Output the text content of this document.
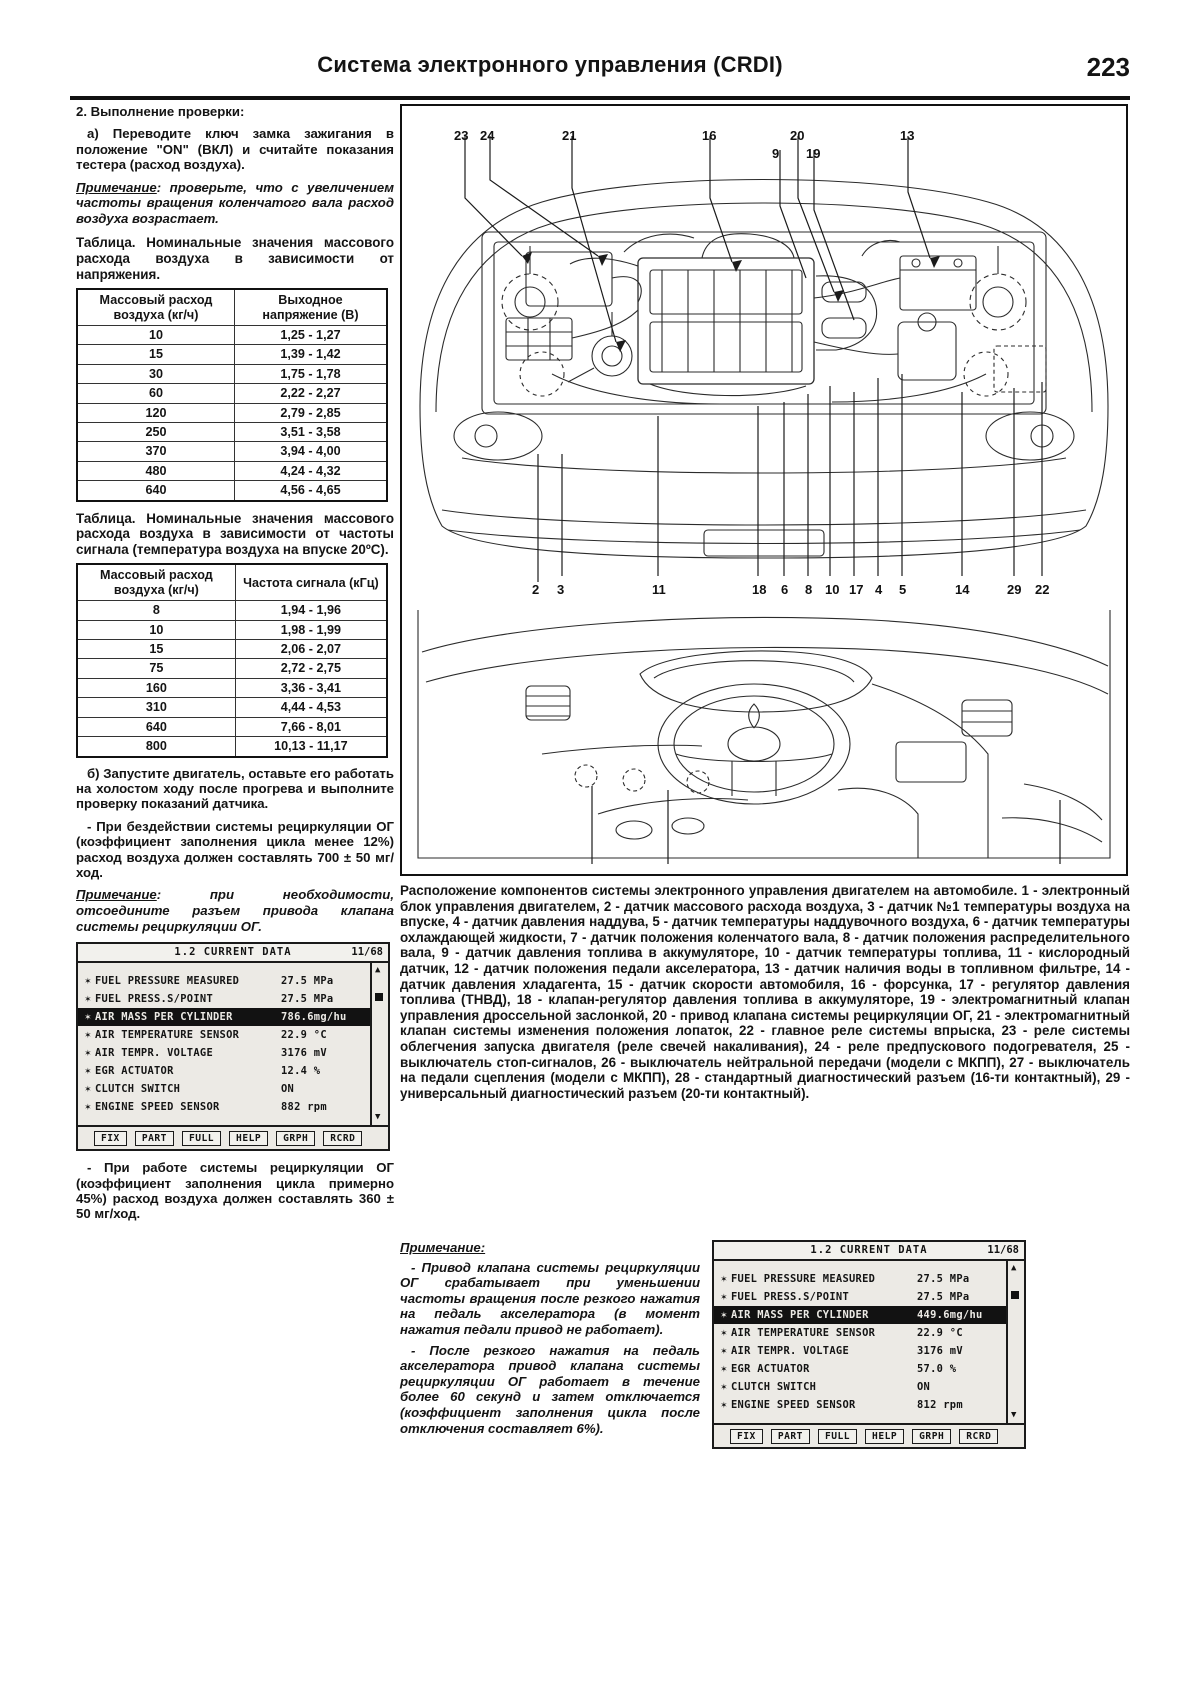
Система электронного управления (CRDI)	223

2. Выполнение проверки:

а) Переводите ключ замка зажигания в положение "ON" (ВКЛ) и считайте показания тестера (расход воздуха).

Примечание: проверьте, что с увеличением частоты вращения коленчатого вала расход воздуха возрастает.

Таблица. Номинальные значения массового расхода воздуха в зависимости от напряжения.

Массовый расход воздуха (кг/ч)	Выходное напряжение (В)
10	1,25 - 1,27
15	1,39 - 1,42
30	1,75 - 1,78
60	2,22 - 2,27
120	2,79 - 2,85
250	3,51 - 3,58
370	3,94 - 4,00
480	4,24 - 4,32
640	4,56 - 4,65

Таблица. Номинальные значения массового расхода воздуха в зависимости от частоты сигнала (температура воздуха на впуске 20ºC).

Массовый расход воздуха (кг/ч)	Частота сигнала (кГц)
8	1,94 - 1,96
10	1,98 - 1,99
15	2,06 - 2,07
75	2,72 - 2,75
160	3,36 - 3,41
310	4,44 - 4,53
640	7,66 - 8,01
800	10,13 - 11,17

б) Запустите двигатель, оставьте его работать на холостом ходу после прогрева и выполните проверку показаний датчика.

- При бездействии системы рециркуляции ОГ (коэффициент заполнения цикла менее 12%) расход воздуха должен составлять 700 ± 50 мг/ход.

Примечание: при необходимости, отсоедините разъем привода клапана системы рециркуляции ОГ.

1.2 CURRENT DATA	11/68
✶ FUEL PRESSURE MEASURED	27.5 MPa
✶ FUEL PRESS.S/POINT	27.5 MPa
✶ AIR MASS PER CYLINDER	786.6mg/hu
✶ AIR TEMPERATURE SENSOR	22.9 °C
✶ AIR TEMPR. VOLTAGE	3176 mV
✶ EGR ACTUATOR	12.4 %
✶ CLUTCH SWITCH	ON
✶ ENGINE SPEED SENSOR	882 rpm
▲
▼
FIX	PART	FULL	HELP	GRPH	RCRD

- При работе системы рециркуляции ОГ (коэффициент заполнения цикла примерно 45%) расход воздуха должен составлять 360 ± 50 мг/ход.

23 24	21	16	20
9 19
13
2 3	11	18 6 8 10 17 4 5	14	29 22

Расположение компонентов системы электронного управления двигателем на автомобиле. 1 - электронный блок управления двигателем, 2 - датчик массового расхода воздуха, 3 - датчик №1 температуры воздуха на впуске, 4 - датчик давления наддува, 5 - датчик температуры наддувочного воздуха, 6 - датчик температуры охлаждающей жидкости, 7 - датчик положения коленчатого вала, 8 - датчик положения распределительного вала, 9 - датчик давления топлива в аккумуляторе, 10 - датчик температуры топлива, 11 - кислородный датчик, 12 - датчик положения педали акселератора, 13 - датчик наличия воды в топливном фильтре, 14 - датчик давления хладагента, 15 - датчик скорости автомобиля, 16 - форсунка, 17 - регулятор давления топлива (ТНВД), 18 - клапан-регулятор давления топлива в аккумуляторе, 19 - электромагнитный клапан управления дроссельной заслонкой, 20 - привод клапана системы рециркуляции ОГ, 21 - электромагнитный клапан системы изменения положения лопаток, 22 - главное реле системы впрыска, 23 - реле системы облегчения запуска двигателя (реле свечей накаливания), 24 - реле предпускового подогревателя, 25 - выключатель стоп-сигналов, 26 - выключатель нейтральной передачи (модели с МКПП), 27 - выключатель на педали сцепления (модели с МКПП), 28 - стандартный диагностический разъем (16-ти контактный), 29 - универсальный диагностический разъем (20-ти контактный).

Примечание:

- Привод клапана системы рециркуляции ОГ срабатывает при уменьшении частоты вращения после резкого нажатия на педаль акселератора (в момент нажатия педали привод не работает).

- После резкого нажатия на педаль акселератора привод клапана системы рециркуляции ОГ работает в течение более 60 секунд и затем отключается (коэффициент заполнения цикла после отключения составляет 6%).

1.2 CURRENT DATA	11/68
✶ FUEL PRESSURE MEASURED	27.5 MPa
✶ FUEL PRESS.S/POINT	27.5 MPa
✶ AIR MASS PER CYLINDER	449.6mg/hu
✶ AIR TEMPERATURE SENSOR	22.9 °C
✶ AIR TEMPR. VOLTAGE	3176 mV
✶ EGR ACTUATOR	57.0 %
✶ CLUTCH SWITCH	ON
✶ ENGINE SPEED SENSOR	812 rpm
▲
▼
FIX	PART	FULL	HELP	GRPH	RCRD
